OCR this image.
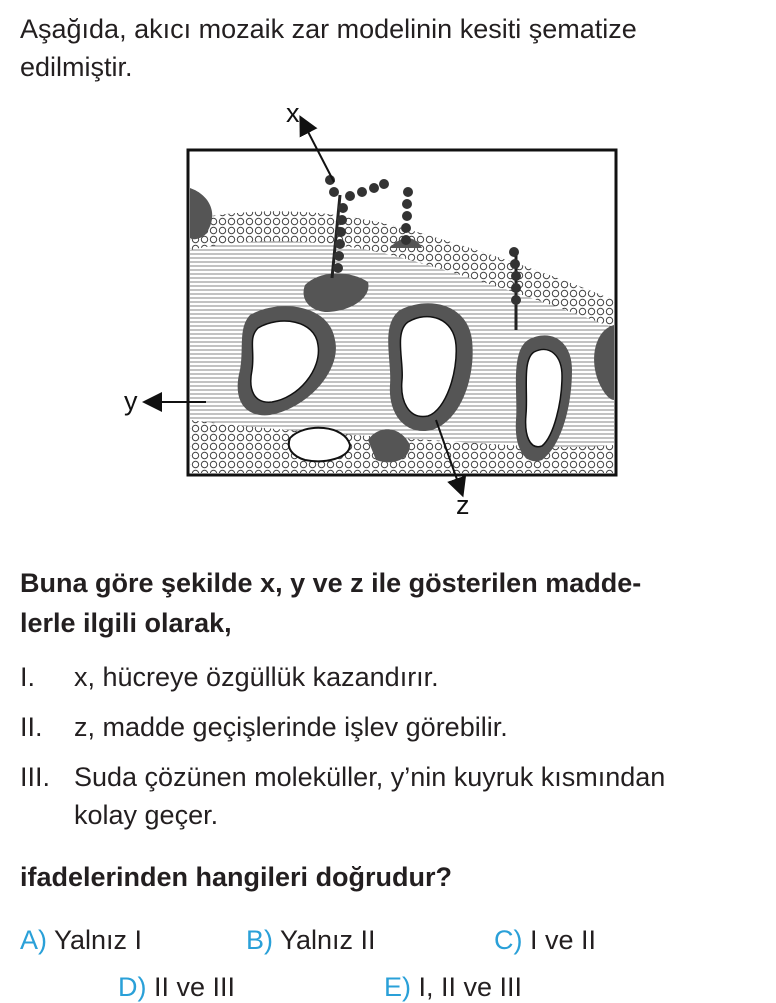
Aşağıda, akıcı mozaik zar modelinin kesiti şematize
edilmiştir.
x
y
z
Buna göre şekilde x, y ve z ile gösterilen madde-
lerle ilgili olarak,
I. x, hücreye özgüllük kazandırır.
II. z, madde geçişlerinde işlev görebilir.
III. Suda çözünen moleküller, y’nin kuyruk kısmından
kolay geçer.
ifadelerinden hangileri doğrudur?
A) Yalnız I	B) Yalnız II	C) I ve II
D) II ve III	E) I, II ve III
